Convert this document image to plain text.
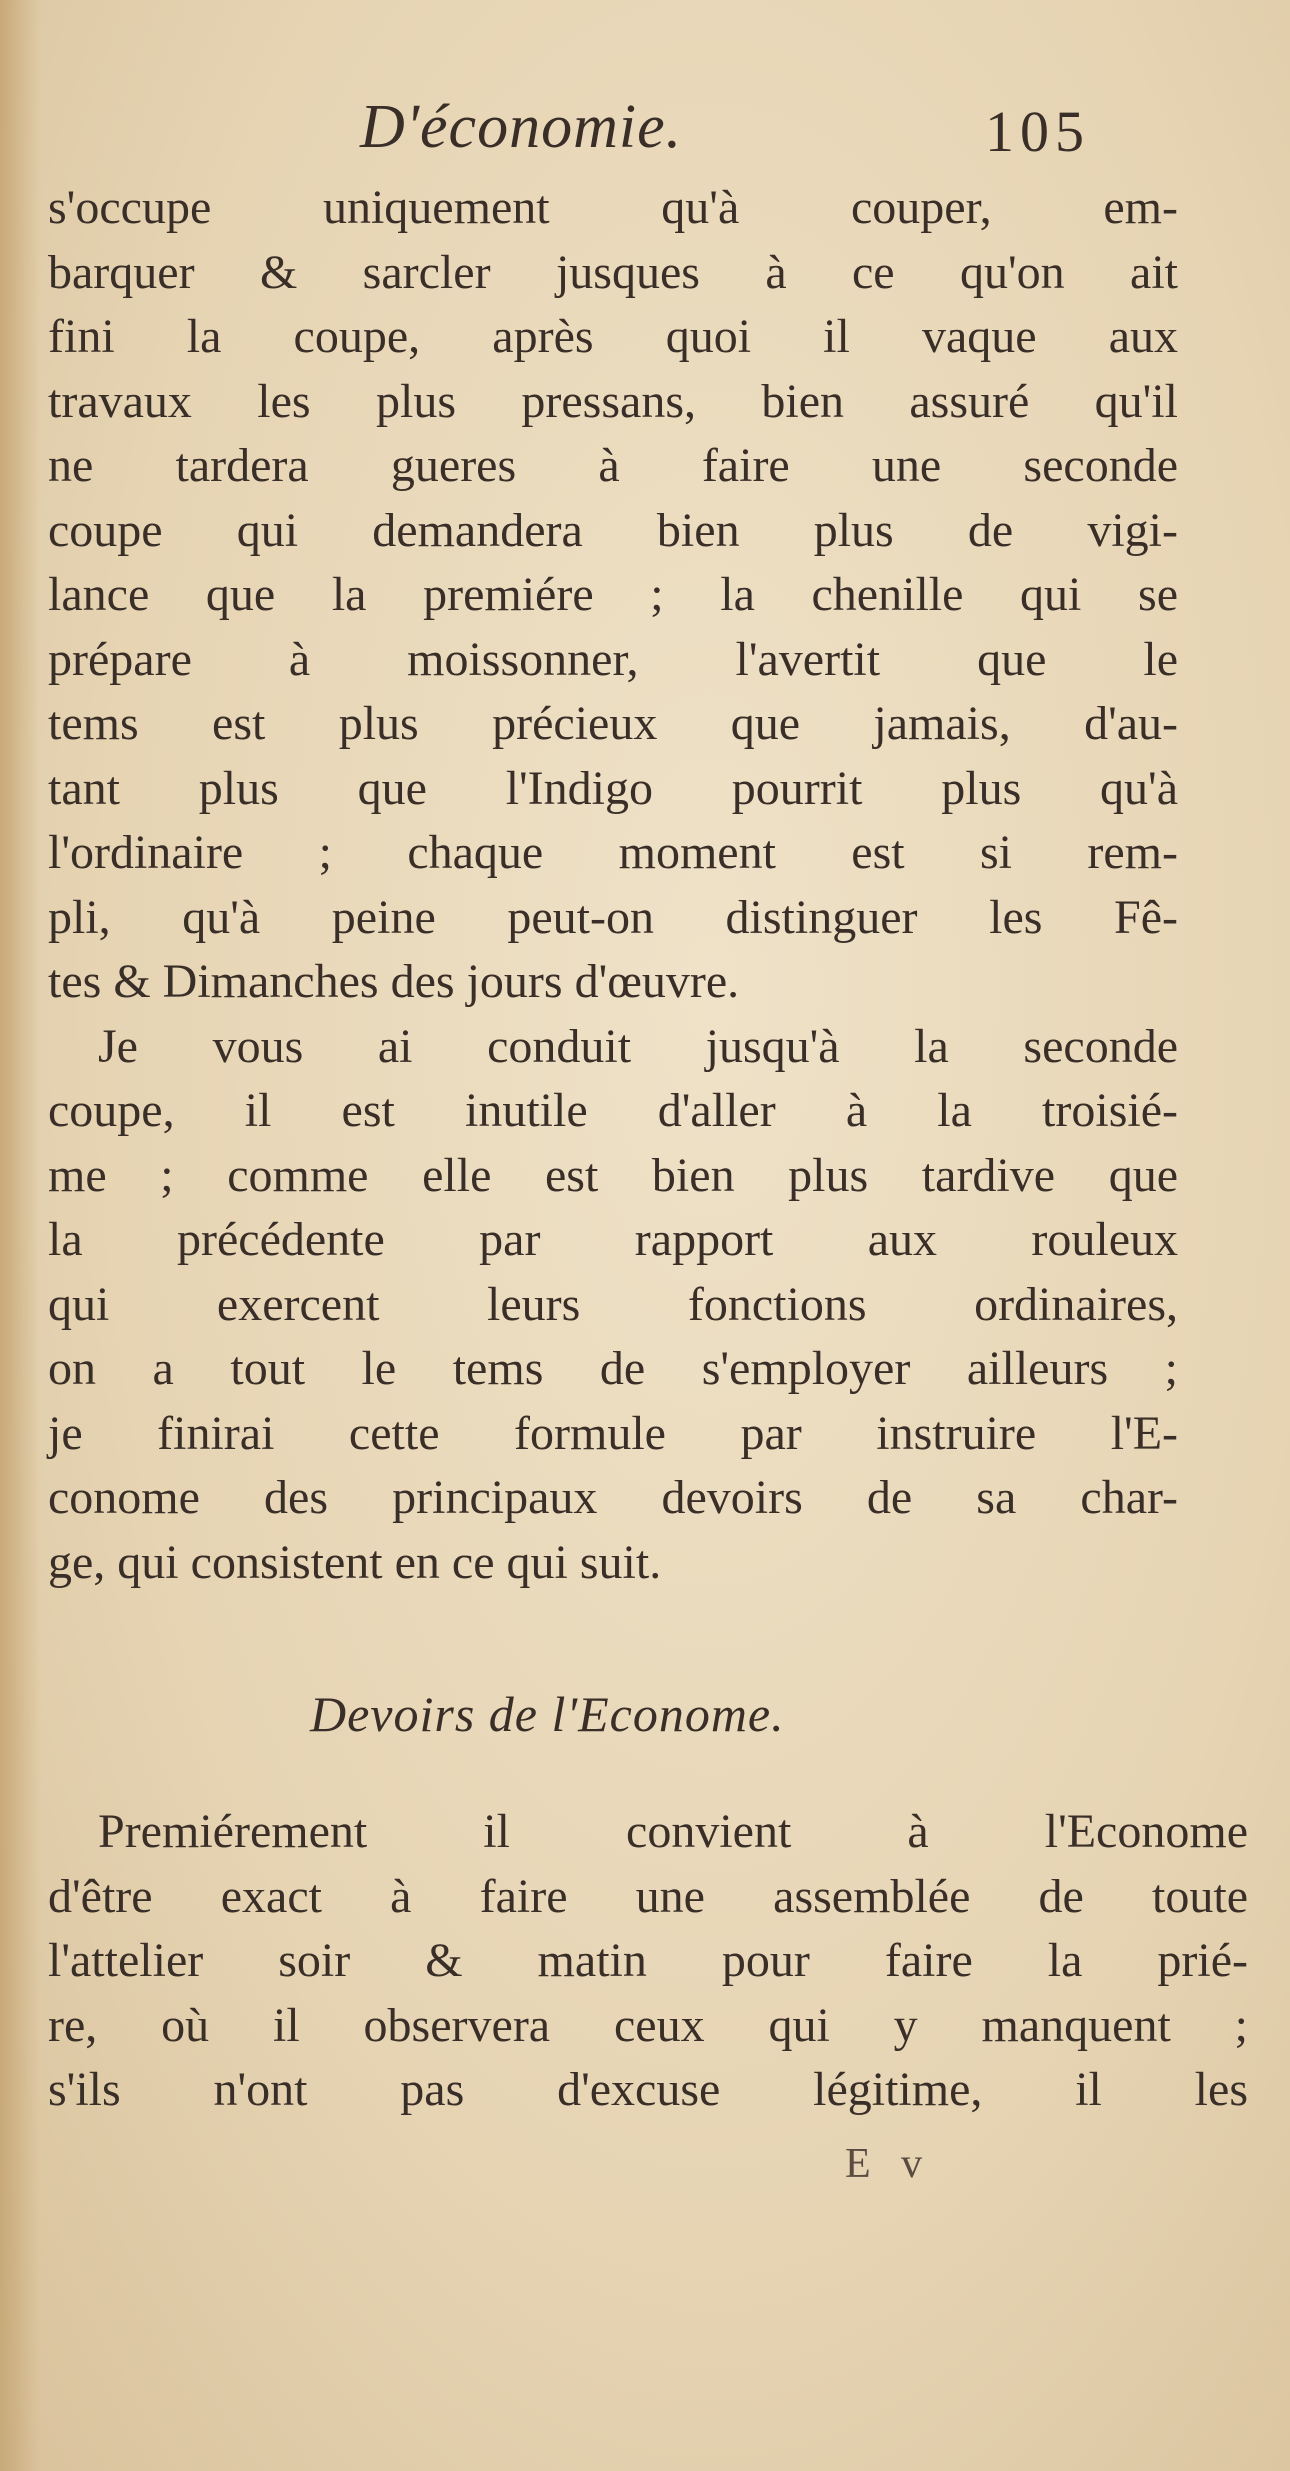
D'économie.	105
s'occupe uniquement qu'à couper, em-
barquer & sarcler jusques à ce qu'on ait
fini la coupe, après quoi il vaque aux
travaux les plus pressans, bien assuré qu'il
ne tardera gueres à faire une seconde
coupe qui demandera bien plus de vigi-
lance que la premiére ; la chenille qui se
prépare à moissonner, l'avertit que le
tems est plus précieux que jamais, d'au-
tant plus que l'Indigo pourrit plus qu'à
l'ordinaire ; chaque moment est si rem-
pli, qu'à peine peut-on distinguer les Fê-
tes & Dimanches des jours d'œuvre.
Je vous ai conduit jusqu'à la seconde
coupe, il est inutile d'aller à la troisié-
me ; comme elle est bien plus tardive que
la précédente par rapport aux rouleux
qui exercent leurs fonctions ordinaires,
on a tout le tems de s'employer ailleurs ;
je finirai cette formule par instruire l'E-
conome des principaux devoirs de sa char-
ge, qui consistent en ce qui suit.
Devoirs de l'Econome.
Premiérement il convient à l'Econome
d'être exact à faire une assemblée de toute
l'attelier soir & matin pour faire la prié-
re, où il observera ceux qui y manquent ;
s'ils n'ont pas d'excuse légitime, il les
E v
